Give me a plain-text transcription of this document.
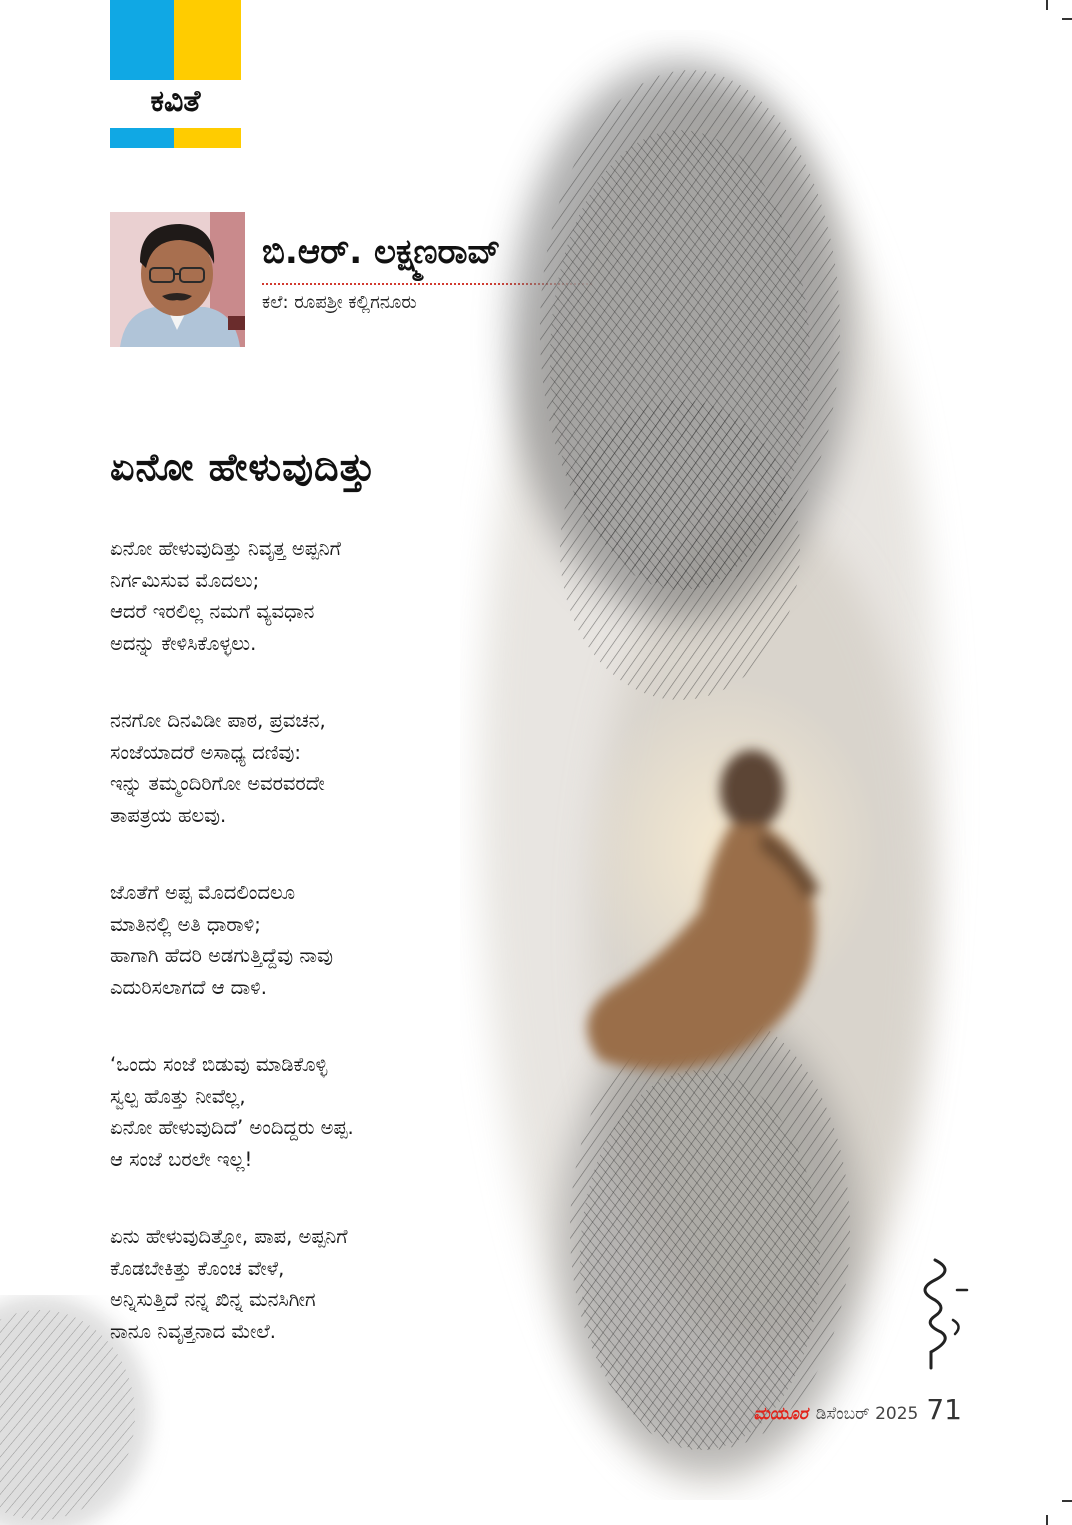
ಕವಿತೆ
ಬಿ.ಆರ್. ಲಕ್ಷ್ಮಣರಾವ್
ಕಲೆ: ರೂಪಶ್ರೀ ಕಲ್ಲಿಗನೂರು
ಏನೋ ಹೇಳುವುದಿತ್ತು
ಏನೋ ಹೇಳುವುದಿತ್ತು ನಿವೃತ್ತ ಅಪ್ಪನಿಗೆ
ನಿರ್ಗಮಿಸುವ ಮೊದಲು;
ಆದರೆ ಇರಲಿಲ್ಲ ನಮಗೆ ವ್ಯವಧಾನ
ಅದನ್ನು ಕೇಳಿಸಿಕೊಳ್ಳಲು.
ನನಗೋ ದಿನವಿಡೀ ಪಾಠ, ಪ್ರವಚನ,
ಸಂಜೆಯಾದರೆ ಅಸಾಧ್ಯ ದಣಿವು:
ಇನ್ನು ತಮ್ಮಂದಿರಿಗೋ ಅವರವರದೇ
ತಾಪತ್ರಯ ಹಲವು.
ಜೊತೆಗೆ ಅಪ್ಪ ಮೊದಲಿಂದಲೂ
ಮಾತಿನಲ್ಲಿ ಅತಿ ಧಾರಾಳಿ;
ಹಾಗಾಗಿ ಹೆದರಿ ಅಡಗುತ್ತಿದ್ದೆವು ನಾವು
ಎದುರಿಸಲಾಗದೆ ಆ ದಾಳಿ.
‘ಒಂದು ಸಂಜೆ ಬಿಡುವು ಮಾಡಿಕೊಳ್ಳಿ
ಸ್ವಲ್ಪ ಹೊತ್ತು ನೀವೆಲ್ಲ,
ಏನೋ ಹೇಳುವುದಿದೆ’ ಅಂದಿದ್ದರು ಅಪ್ಪ.
ಆ ಸಂಜೆ ಬರಲೇ ಇಲ್ಲ!
ಏನು ಹೇಳುವುದಿತ್ತೋ, ಪಾಪ, ಅಪ್ಪನಿಗೆ
ಕೊಡಬೇಕಿತ್ತು ಕೊಂಚ ವೇಳೆ,
ಅನ್ನಿಸುತ್ತಿದೆ ನನ್ನ ಖಿನ್ನ ಮನಸಿಗೀಗ
ನಾನೂ ನಿವೃತ್ತನಾದ ಮೇಲೆ.
ಮಯೂರ ಡಿಸೆಂಬರ್ 2025 71
